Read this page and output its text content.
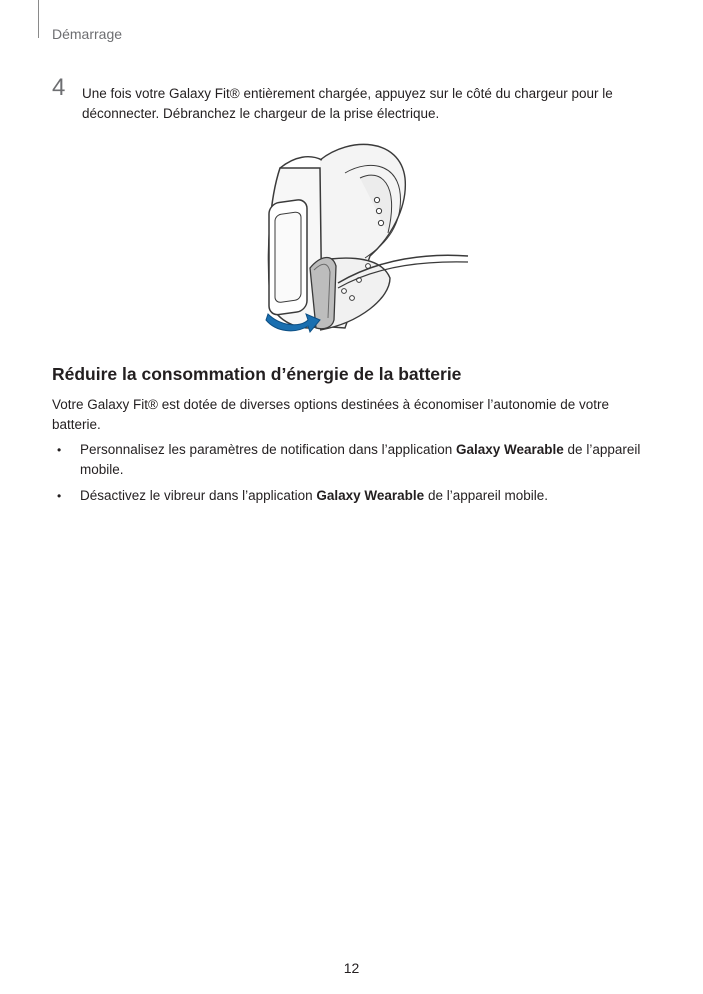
Démarrage
4 Une fois votre Galaxy Fit® entièrement chargée, appuyez sur le côté du chargeur pour le déconnecter. Débranchez le chargeur de la prise électrique.

Réduire la consommation d’énergie de la batterie

Votre Galaxy Fit® est dotée de diverses options destinées à économiser l’autonomie de votre batterie.

• Personnalisez les paramètres de notification dans l’application Galaxy Wearable de l’appareil mobile.
• Désactivez le vibreur dans l’application Galaxy Wearable de l’appareil mobile.
12
